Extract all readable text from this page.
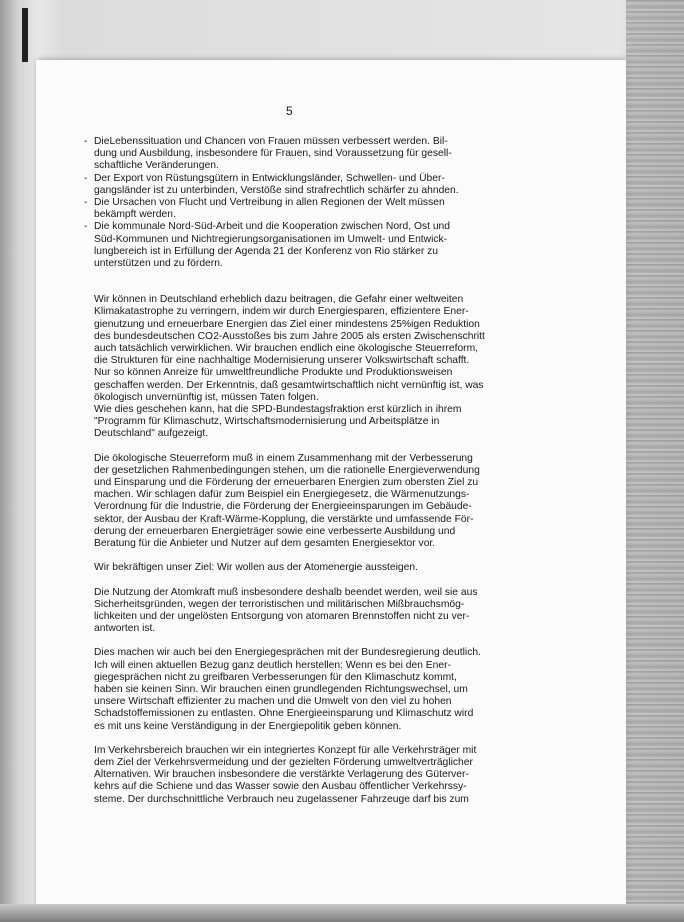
5
- DieLebenssituation und Chancen von Frauen müssen verbessert werden. Bil-
dung und Ausbildung, insbesondere für Frauen, sind Voraussetzung für gesell-
schaftliche Veränderungen.
- Der Export von Rüstungsgütern in Entwicklungsländer, Schwellen- und Über-
gangsländer ist zu unterbinden, Verstöße sind strafrechtlich schärfer zu ahnden.
- Die Ursachen von Flucht und Vertreibung in allen Regionen der Welt müssen
bekämpft werden.
- Die kommunale Nord-Süd-Arbeit und die Kooperation zwischen Nord, Ost und
Süd-Kommunen und Nichtregierungsorganisationen im Umwelt- und Entwick-
lungbereich ist in Erfüllung der Agenda 21 der Konferenz von Rio stärker zu
unterstützen und zu fördern.
Wir können in Deutschland erheblich dazu beitragen, die Gefahr einer weltweiten
Klimakatastrophe zu verringern, indem wir durch Energiesparen, effizientere Ener-
gienutzung und erneuerbare Energien das Ziel einer mindestens 25%igen Reduktion
des bundesdeutschen CO2-Ausstoßes bis zum Jahre 2005 als ersten Zwischenschritt
auch tatsächlich verwirklichen. Wir brauchen endlich eine ökologische Steuerreform,
die Strukturen für eine nachhaltige Modernisierung unserer Volkswirtschaft schafft.
Nur so können Anreize für umweltfreundliche Produkte und Produktionsweisen
geschaffen werden. Der Erkenntnis, daß gesamtwirtschaftlich nicht vernünftig ist, was
ökologisch unvernünftig ist, müssen Taten folgen.
Wie dies geschehen kann, hat die SPD-Bundestagsfraktion erst kürzlich in ihrem
"Programm für Klimaschutz, Wirtschaftsmodernisierung und Arbeitsplätze in
Deutschland" aufgezeigt.
Die ökologische Steuerreform muß in einem Zusammenhang mit der Verbesserung
der gesetzlichen Rahmenbedingungen stehen, um die rationelle Energieverwendung
und Einsparung und die Förderung der erneuerbaren Energien zum obersten Ziel zu
machen. Wir schlagen dafür zum Beispiel ein Energiegesetz, die Wärmenutzungs-
Verordnung für die Industrie, die Förderung der Energieeinsparungen im Gebäude-
sektor, der Ausbau der Kraft-Wärme-Kopplung, die verstärkte und umfassende För-
derung der erneuerbaren Energieträger sowie eine verbesserte Ausbildung und
Beratung für die Anbieter und Nutzer auf dem gesamten Energiesektor vor.
Wir bekräftigen unser Ziel: Wir wollen aus der Atomenergie aussteigen.
Die Nutzung der Atomkraft muß insbesondere deshalb beendet werden, weil sie aus
Sicherheitsgründen, wegen der terroristischen und militärischen Mißbrauchsmög-
lichkeiten und der ungelösten Entsorgung von atomaren Brennstoffen nicht zu ver-
antworten ist.
Dies machen wir auch bei den Energiegesprächen mit der Bundesregierung deutlich.
Ich will einen aktuellen Bezug ganz deutlich herstellen: Wenn es bei den Ener-
giegesprächen nicht zu greifbaren Verbesserungen für den Klimaschutz kommt,
haben sie keinen Sinn. Wir brauchen einen grundlegenden Richtungswechsel, um
unsere Wirtschaft effizienter zu machen und die Umwelt von den viel zu hohen
Schadstoffemissionen zu entlasten. Ohne Energieeinsparung und Klimaschutz wird
es mit uns keine Verständigung in der Energiepolitik geben können.
Im Verkehrsbereich brauchen wir ein integriertes Konzept für alle Verkehrsträger mit
dem Ziel der Verkehrsvermeidung und der gezielten Förderung umweltverträglicher
Alternativen. Wir brauchen insbesondere die verstärkte Verlagerung des Güterver-
kehrs auf die Schiene und das Wasser sowie den Ausbau öffentlicher Verkehrssy-
steme. Der durchschnittliche Verbrauch neu zugelassener Fahrzeuge darf bis zum
